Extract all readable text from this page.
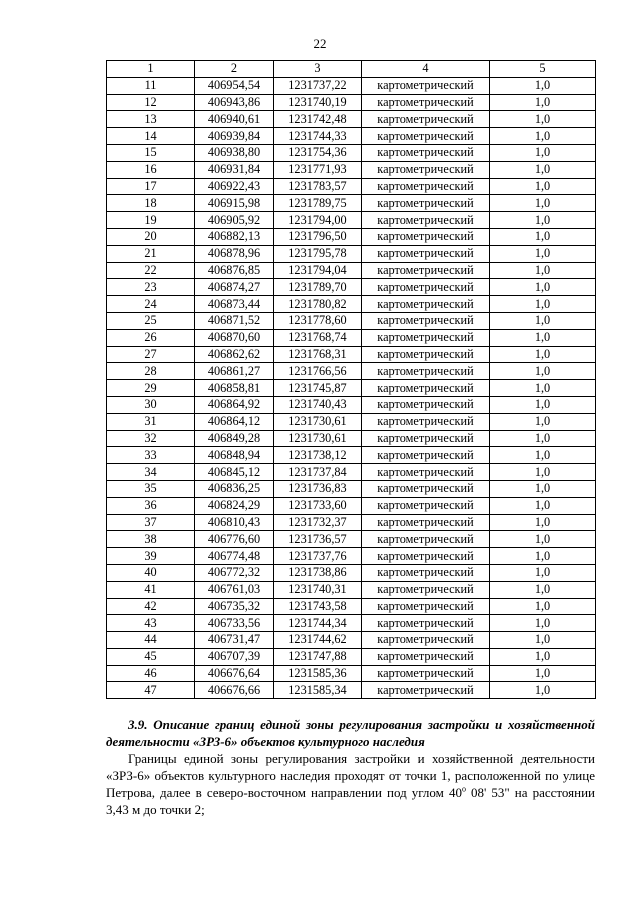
22
1	2	3	4	5
11	406954,54	1231737,22	картометрический	1,0
12	406943,86	1231740,19	картометрический	1,0
13	406940,61	1231742,48	картометрический	1,0
14	406939,84	1231744,33	картометрический	1,0
15	406938,80	1231754,36	картометрический	1,0
16	406931,84	1231771,93	картометрический	1,0
17	406922,43	1231783,57	картометрический	1,0
18	406915,98	1231789,75	картометрический	1,0
19	406905,92	1231794,00	картометрический	1,0
20	406882,13	1231796,50	картометрический	1,0
21	406878,96	1231795,78	картометрический	1,0
22	406876,85	1231794,04	картометрический	1,0
23	406874,27	1231789,70	картометрический	1,0
24	406873,44	1231780,82	картометрический	1,0
25	406871,52	1231778,60	картометрический	1,0
26	406870,60	1231768,74	картометрический	1,0
27	406862,62	1231768,31	картометрический	1,0
28	406861,27	1231766,56	картометрический	1,0
29	406858,81	1231745,87	картометрический	1,0
30	406864,92	1231740,43	картометрический	1,0
31	406864,12	1231730,61	картометрический	1,0
32	406849,28	1231730,61	картометрический	1,0
33	406848,94	1231738,12	картометрический	1,0
34	406845,12	1231737,84	картометрический	1,0
35	406836,25	1231736,83	картометрический	1,0
36	406824,29	1231733,60	картометрический	1,0
37	406810,43	1231732,37	картометрический	1,0
38	406776,60	1231736,57	картометрический	1,0
39	406774,48	1231737,76	картометрический	1,0
40	406772,32	1231738,86	картометрический	1,0
41	406761,03	1231740,31	картометрический	1,0
42	406735,32	1231743,58	картометрический	1,0
43	406733,56	1231744,34	картометрический	1,0
44	406731,47	1231744,62	картометрический	1,0
45	406707,39	1231747,88	картометрический	1,0
46	406676,64	1231585,36	картометрический	1,0
47	406676,66	1231585,34	картометрический	1,0
3.9. Описание границ единой зоны регулирования застройки и хозяйственной деятельности «ЗРЗ-6» объектов культурного наследия
Границы единой зоны регулирования застройки и хозяйственной деятельности «ЗРЗ-6» объектов культурного наследия проходят от точки 1, расположенной по улице Петрова, далее в северо-восточном направлении под углом 40$^o$ 08' 53" на расстоянии 3,43 м до точки 2;
